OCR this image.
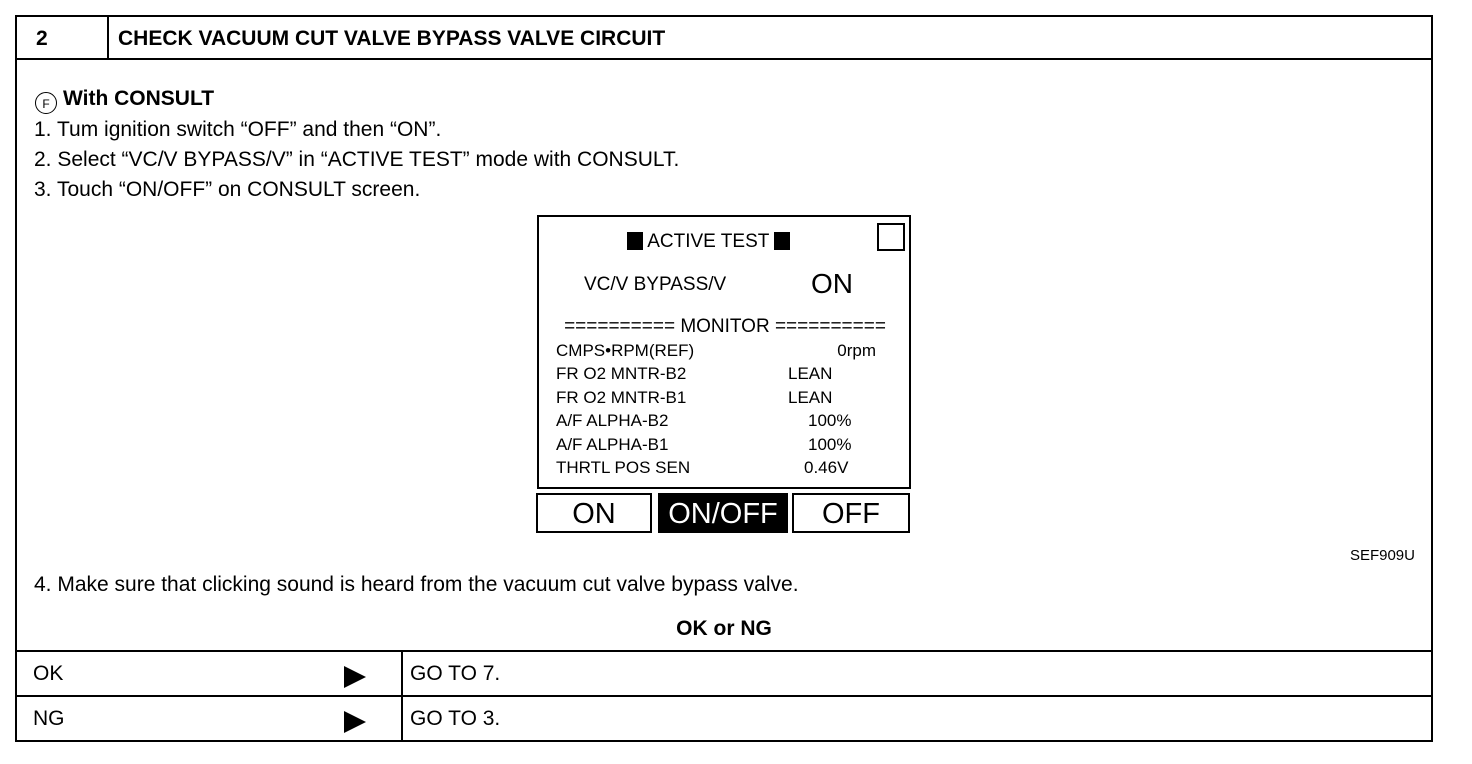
2	CHECK VACUUM CUT VALVE BYPASS VALVE CIRCUIT
F With CONSULT
1. Tum ignition switch “OFF” and then “ON”.
2. Select “VC/V BYPASS/V” in “ACTIVE TEST” mode with CONSULT.
3. Touch “ON/OFF” on CONSULT screen.
ACTIVE TEST
VC/V BYPASS/V	ON
========== MONITOR ==========
CMPS•RPM(REF)	0rpm
FR O2 MNTR-B2	LEAN
FR O2 MNTR-B1	LEAN
A/F ALPHA-B2	100%
A/F ALPHA-B1	100%
THRTL POS SEN	0.46V
ON	ON/OFF	OFF
SEF909U
4. Make sure that clicking sound is heard from the vacuum cut valve bypass valve.
OK or NG
OK	GO TO 7.
NG	GO TO 3.
